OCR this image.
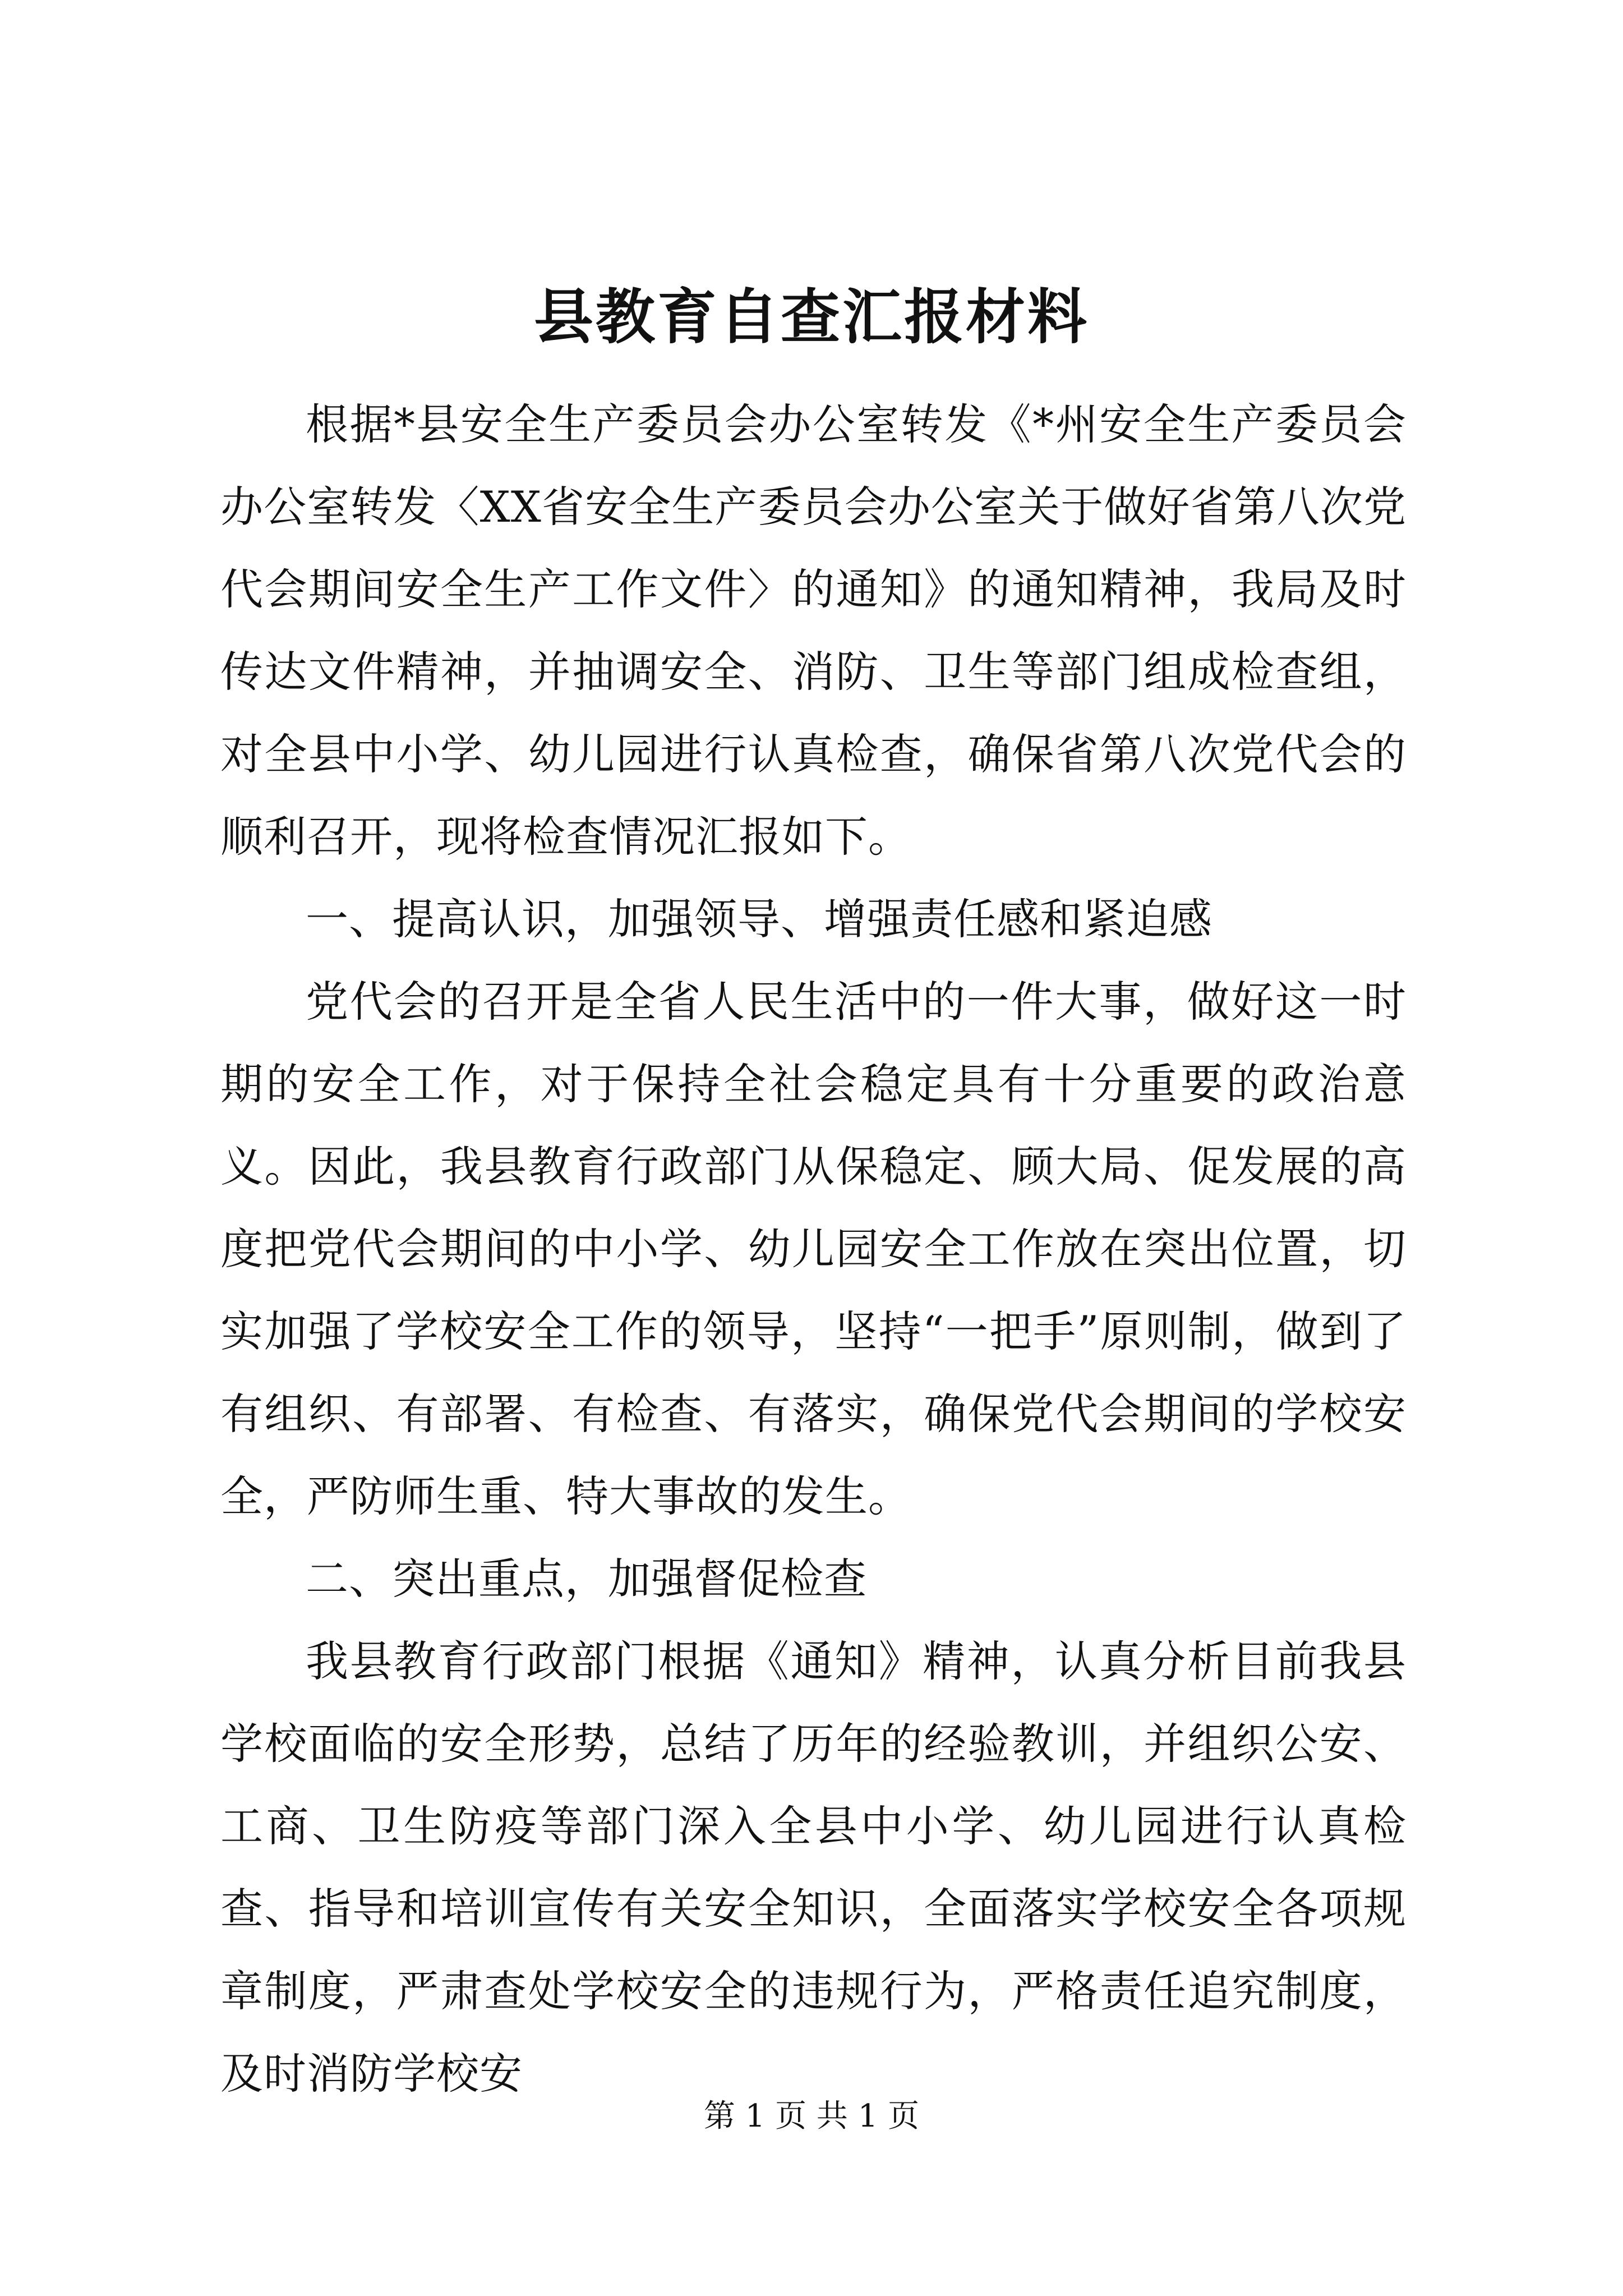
县教育自查汇报材料

根据*县安全生产委员会办公室转发《*州安全生产委员会办公室转发〈XX省安全生产委员会办公室关于做好省第八次党代会期间安全生产工作文件〉的通知》的通知精神，我局及时传达文件精神，并抽调安全、消防、卫生等部门组成检查组，对全县中小学、幼儿园进行认真检查，确保省第八次党代会的顺利召开，现将检查情况汇报如下。

一、提高认识，加强领导、增强责任感和紧迫感

党代会的召开是全省人民生活中的一件大事，做好这一时期的安全工作，对于保持全社会稳定具有十分重要的政治意义。因此，我县教育行政部门从保稳定、顾大局、促发展的高度把党代会期间的中小学、幼儿园安全工作放在突出位置，切实加强了学校安全工作的领导，坚持“一把手”原则制，做到了有组织、有部署、有检查、有落实，确保党代会期间的学校安全，严防师生重、特大事故的发生。

二、突出重点，加强督促检查

我县教育行政部门根据《通知》精神，认真分析目前我县学校面临的安全形势，总结了历年的经验教训，并组织公安、工商、卫生防疫等部门深入全县中小学、幼儿园进行认真检查、指导和培训宣传有关安全知识，全面落实学校安全各项规章制度，严肃查处学校安全的违规行为，严格责任追究制度，及时消防学校安

第 1 页 共 1 页
